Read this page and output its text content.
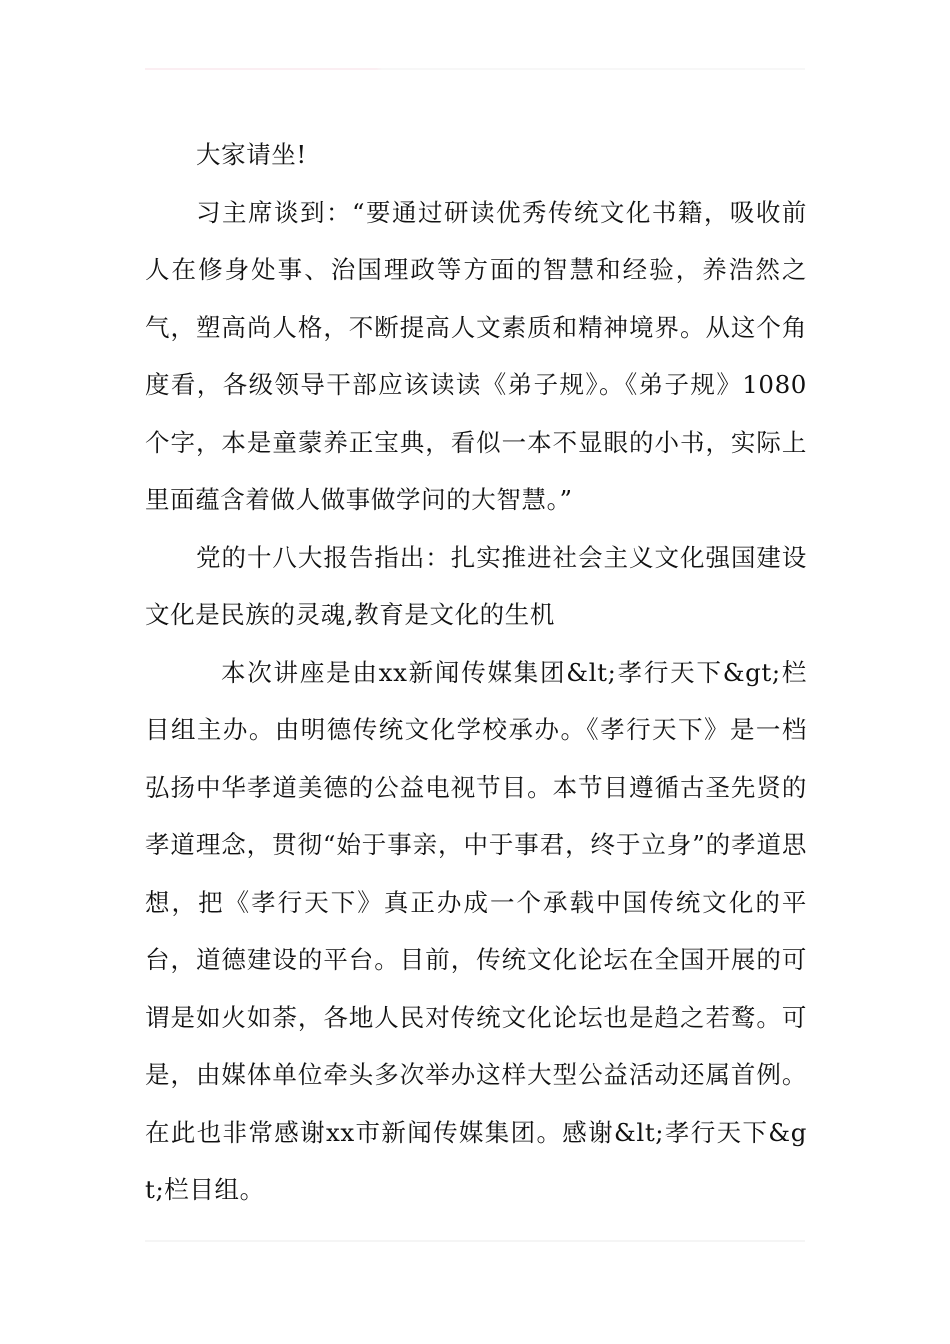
大家请坐!

习主席谈到：“要通过研读优秀传统文化书籍，吸收前人在修身处事、治国理政等方面的智慧和经验，养浩然之气，塑高尚人格，不断提高人文素质和精神境界。从这个角度看，各级领导干部应该读读《弟子规》。《弟子规》1080个字，本是童蒙养正宝典，看似一本不显眼的小书，实际上里面蕴含着做人做事做学问的大智慧。”

党的十八大报告指出：扎实推进社会主义文化强国建设文化是民族的灵魂,教育是文化的生机

本次讲座是由xx新闻传媒集团&lt;孝行天下&gt;栏目组主办。由明德传统文化学校承办。《孝行天下》是一档弘扬中华孝道美德的公益电视节目。本节目遵循古圣先贤的孝道理念，贯彻“始于事亲，中于事君，终于立身”的孝道思想，把《孝行天下》真正办成一个承载中国传统文化的平台，道德建设的平台。目前，传统文化论坛在全国开展的可谓是如火如荼，各地人民对传统文化论坛也是趋之若鹜。可是，由媒体单位牵头多次举办这样大型公益活动还属首例。在此也非常感谢xx市新闻传媒集团。感谢&lt;孝行天下&gt;栏目组。
